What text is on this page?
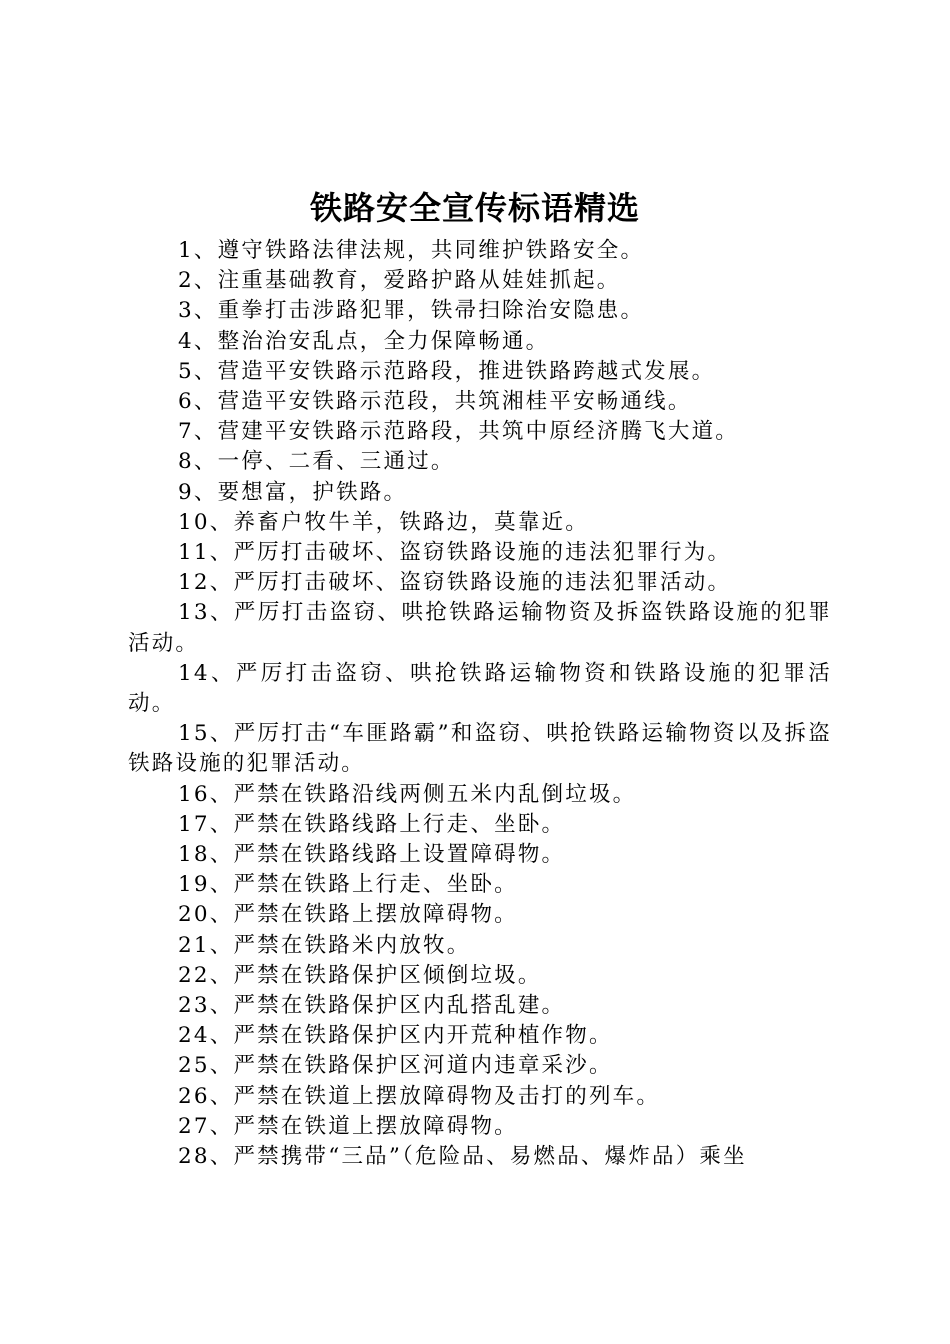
铁路安全宣传标语精选
1、遵守铁路法律法规，共同维护铁路安全。
2、注重基础教育，爱路护路从娃娃抓起。
3、重拳打击涉路犯罪，铁帚扫除治安隐患。
4、整治治安乱点，全力保障畅通。
5、营造平安铁路示范路段，推进铁路跨越式发展。
6、营造平安铁路示范段，共筑湘桂平安畅通线。
7、营建平安铁路示范路段，共筑中原经济腾飞大道。
8、一停、二看、三通过。
9、要想富，护铁路。
10、养畜户牧牛羊，铁路边，莫靠近。
11、严厉打击破坏、盗窃铁路设施的违法犯罪行为。
12、严厉打击破坏、盗窃铁路设施的违法犯罪活动。
13、严厉打击盗窃、哄抢铁路运输物资及拆盗铁路设施的犯罪活动。
14、严厉打击盗窃、哄抢铁路运输物资和铁路设施的犯罪活动。
15、严厉打击“车匪路霸”和盗窃、哄抢铁路运输物资以及拆盗铁路设施的犯罪活动。
16、严禁在铁路沿线两侧五米内乱倒垃圾。
17、严禁在铁路线路上行走、坐卧。
18、严禁在铁路线路上设置障碍物。
19、严禁在铁路上行走、坐卧。
20、严禁在铁路上摆放障碍物。
21、严禁在铁路米内放牧。
22、严禁在铁路保护区倾倒垃圾。
23、严禁在铁路保护区内乱搭乱建。
24、严禁在铁路保护区内开荒种植作物。
25、严禁在铁路保护区河道内违章采沙。
26、严禁在铁道上摆放障碍物及击打的列车。
27、严禁在铁道上摆放障碍物。
28、严禁携带“三品”（危险品、易燃品、爆炸品）乘坐
